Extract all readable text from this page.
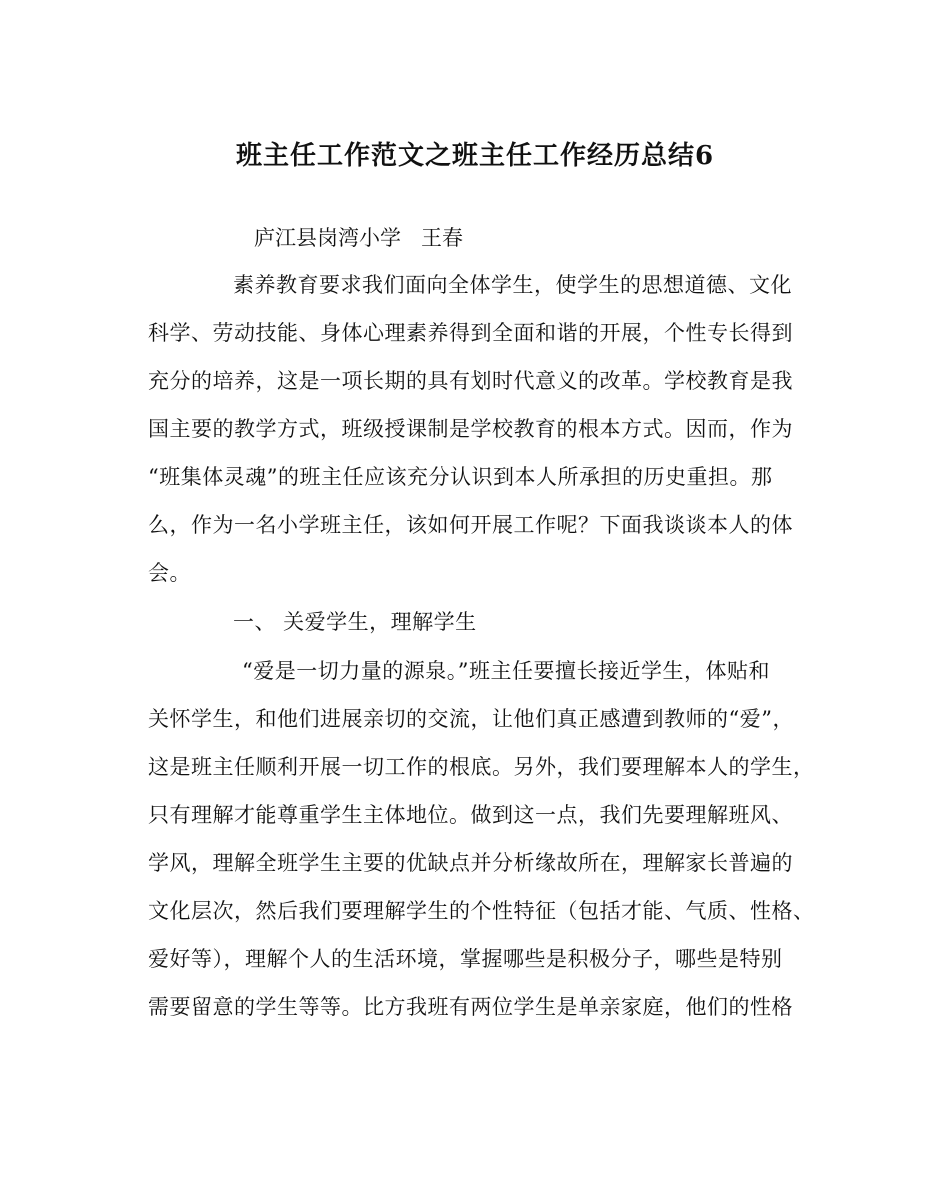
班主任工作范文之班主任工作经历总结6
庐江县岗湾小学 王春
素养教育要求我们面向全体学生，使学生的思想道德、文化
科学、劳动技能、身体心理素养得到全面和谐的开展，个性专长得到
充分的培养，这是一项长期的具有划时代意义的改革。学校教育是我
国主要的教学方式，班级授课制是学校教育的根本方式。因而，作为
“班集体灵魂”的班主任应该充分认识到本人所承担的历史重担。那
么，作为一名小学班主任，该如何开展工作呢？下面我谈谈本人的体
会。
一、 关爱学生，理解学生
“爱是一切力量的源泉。”班主任要擅长接近学生，体贴和
关怀学生，和他们进展亲切的交流，让他们真正感遭到教师的“爱”，
这是班主任顺利开展一切工作的根底。另外，我们要理解本人的学生，
只有理解才能尊重学生主体地位。做到这一点，我们先要理解班风、
学风，理解全班学生主要的优缺点并分析缘故所在，理解家长普遍的
文化层次，然后我们要理解学生的个性特征（包括才能、气质、性格、
爱好等），理解个人的生活环境，掌握哪些是积极分子，哪些是特别
需要留意的学生等等。比方我班有两位学生是单亲家庭，他们的性格
